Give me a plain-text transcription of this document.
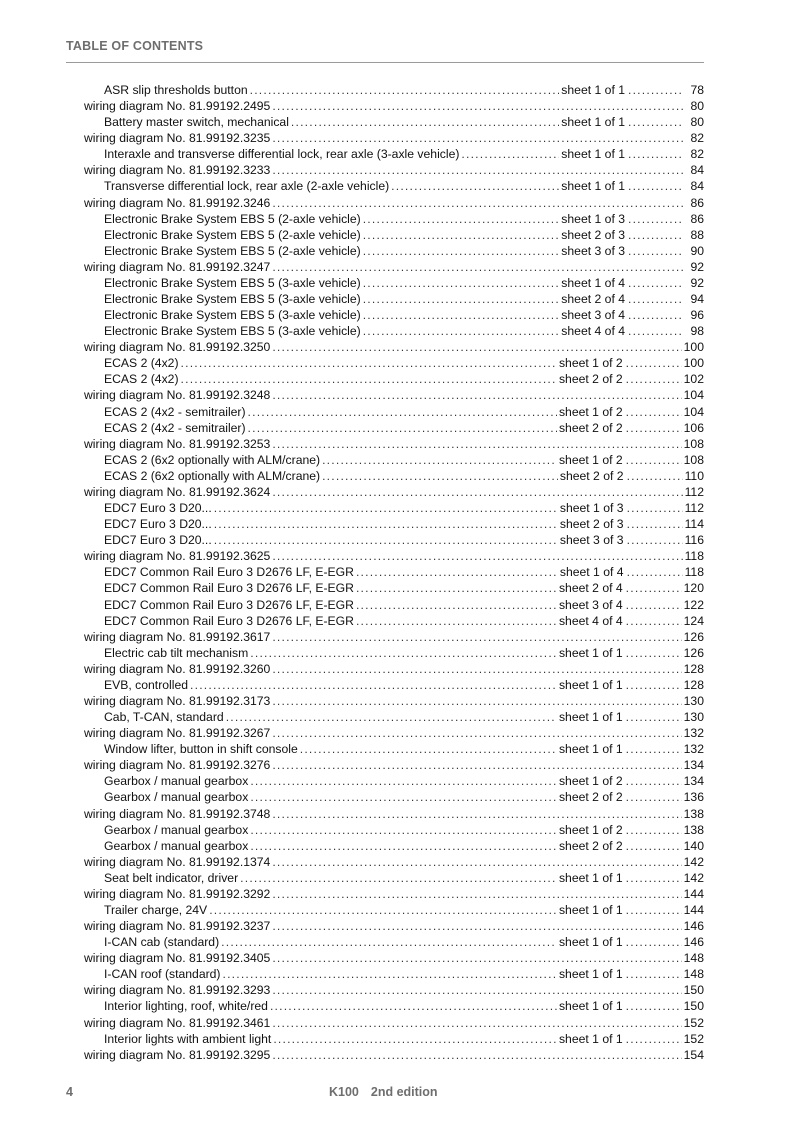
TABLE OF CONTENTS
ASR slip thresholds button .....	sheet 1 of 1 .....	78
wiring diagram No. 81.99192.2495 .....	80
Battery master switch, mechanical .....	sheet 1 of 1 .....	80
wiring diagram No. 81.99192.3235 .....	82
Interaxle and transverse differential lock, rear axle (3-axle vehicle) .....	sheet 1 of 1 .....	82
wiring diagram No. 81.99192.3233 .....	84
Transverse differential lock, rear axle (2-axle vehicle) .....	sheet 1 of 1 .....	84
wiring diagram No. 81.99192.3246 .....	86
Electronic Brake System EBS 5 (2-axle vehicle) .....	sheet 1 of 3 .....	86
Electronic Brake System EBS 5 (2-axle vehicle) .....	sheet 2 of 3 .....	88
Electronic Brake System EBS 5 (2-axle vehicle) .....	sheet 3 of 3 .....	90
wiring diagram No. 81.99192.3247 .....	92
Electronic Brake System EBS 5 (3-axle vehicle) .....	sheet 1 of 4 .....	92
Electronic Brake System EBS 5 (3-axle vehicle) .....	sheet 2 of 4 .....	94
Electronic Brake System EBS 5 (3-axle vehicle) .....	sheet 3 of 4 .....	96
Electronic Brake System EBS 5 (3-axle vehicle) .....	sheet 4 of 4 .....	98
wiring diagram No. 81.99192.3250 .....	100
ECAS 2 (4x2) .....	sheet 1 of 2 .....	100
ECAS 2 (4x2) .....	sheet 2 of 2 .....	102
wiring diagram No. 81.99192.3248 .....	104
ECAS 2 (4x2 - semitrailer) .....	sheet 1 of 2 .....	104
ECAS 2 (4x2 - semitrailer) .....	sheet 2 of 2 .....	106
wiring diagram No. 81.99192.3253 .....	108
ECAS 2 (6x2 optionally with ALM/crane) .....	sheet 1 of 2 .....	108
ECAS 2 (6x2 optionally with ALM/crane) .....	sheet 2 of 2 .....	110
wiring diagram No. 81.99192.3624 .....	112
EDC7 Euro 3 D20... .....	sheet 1 of 3 .....	112
EDC7 Euro 3 D20... .....	sheet 2 of 3 .....	114
EDC7 Euro 3 D20... .....	sheet 3 of 3 .....	116
wiring diagram No. 81.99192.3625 .....	118
EDC7 Common Rail Euro 3 D2676 LF, E-EGR .....	sheet 1 of 4 .....	118
EDC7 Common Rail Euro 3 D2676 LF, E-EGR .....	sheet 2 of 4 .....	120
EDC7 Common Rail Euro 3 D2676 LF, E-EGR .....	sheet 3 of 4 .....	122
EDC7 Common Rail Euro 3 D2676 LF, E-EGR .....	sheet 4 of 4 .....	124
wiring diagram No. 81.99192.3617 .....	126
Electric cab tilt mechanism .....	sheet 1 of 1 .....	126
wiring diagram No. 81.99192.3260 .....	128
EVB, controlled .....	sheet 1 of 1 .....	128
wiring diagram No. 81.99192.3173 .....	130
Cab, T-CAN, standard .....	sheet 1 of 1 .....	130
wiring diagram No. 81.99192.3267 .....	132
Window lifter, button in shift console .....	sheet 1 of 1 .....	132
wiring diagram No. 81.99192.3276 .....	134
Gearbox / manual gearbox .....	sheet 1 of 2 .....	134
Gearbox / manual gearbox .....	sheet 2 of 2 .....	136
wiring diagram No. 81.99192.3748 .....	138
Gearbox / manual gearbox .....	sheet 1 of 2 .....	138
Gearbox / manual gearbox .....	sheet 2 of 2 .....	140
wiring diagram No. 81.99192.1374 .....	142
Seat belt indicator, driver .....	sheet 1 of 1 .....	142
wiring diagram No. 81.99192.3292 .....	144
Trailer charge, 24V .....	sheet 1 of 1 .....	144
wiring diagram No. 81.99192.3237 .....	146
I-CAN cab (standard) .....	sheet 1 of 1 .....	146
wiring diagram No. 81.99192.3405 .....	148
I-CAN roof (standard) .....	sheet 1 of 1 .....	148
wiring diagram No. 81.99192.3293 .....	150
Interior lighting, roof, white/red .....	sheet 1 of 1 .....	150
wiring diagram No. 81.99192.3461 .....	152
Interior lights with ambient light .....	sheet 1 of 1 .....	152
wiring diagram No. 81.99192.3295 .....	154
4	K100 2nd edition
